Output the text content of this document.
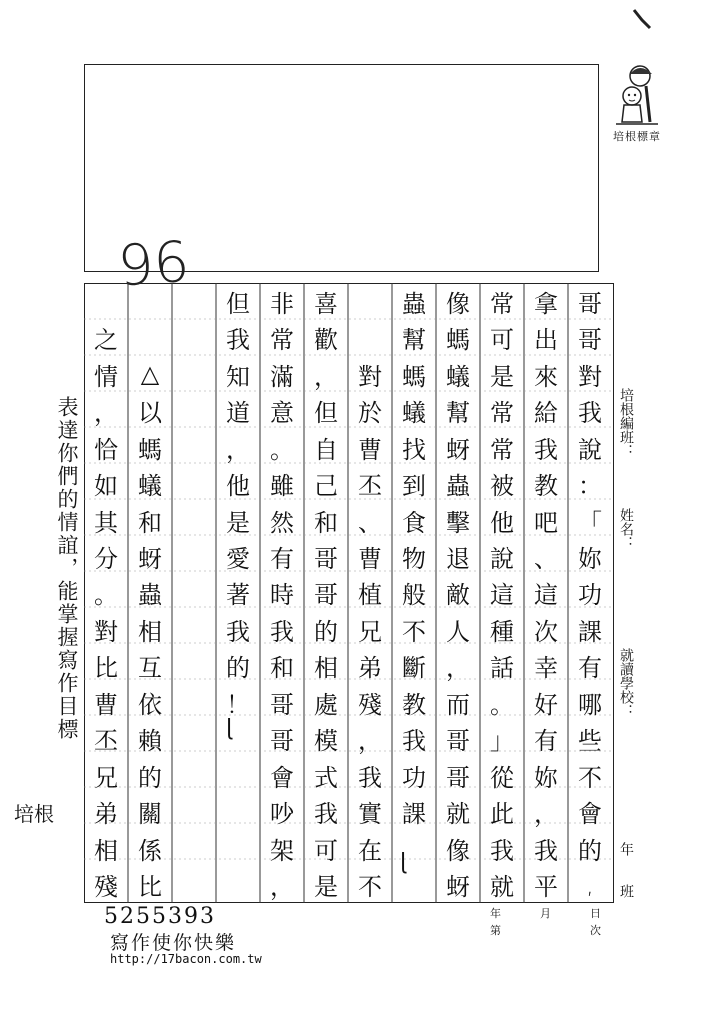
96
培根標章
哥
哥
對
我
說
：
「
妳
功
課
有
哪
些
不
會
的
,
拿
出
來
給
我
教
吧
、
這
次
幸
好
有
妳
，
我
平
常
可
是
常
常
被
他
說
這
種
話
。
」
從
此
我
就
像
螞
蟻
幫
蚜
蟲
擊
退
敵
人
，
而
哥
哥
就
像
蚜
蟲
幫
螞
蟻
找
到
食
物
般
不
斷
教
我
功
課
對
於
曹
丕
、
曹
植
兄
弟
殘
，
我
實
在
不
喜
歡
，
但
自
己
和
哥
哥
的
相
處
模
式
我
可
是
非
常
滿
意
。
雖
然
有
時
我
和
哥
哥
會
吵
架
，
但
我
知
道
，
他
是
愛
著
我
的
！
△
以
螞
蟻
和
蚜
蟲
相
互
依
賴
的
關
係
比
之
情
，
恰
如
其
分
。
對
比
曹
丕
兄
弟
相
殘
培根編班：
姓名：
就讀學校：
年
班
表達你們的情誼，能掌握寫作目標
培根
ɭ
ɭ
5255393
寫作使你快樂
http://17bacon.com.tw
年	月	日
第	次
